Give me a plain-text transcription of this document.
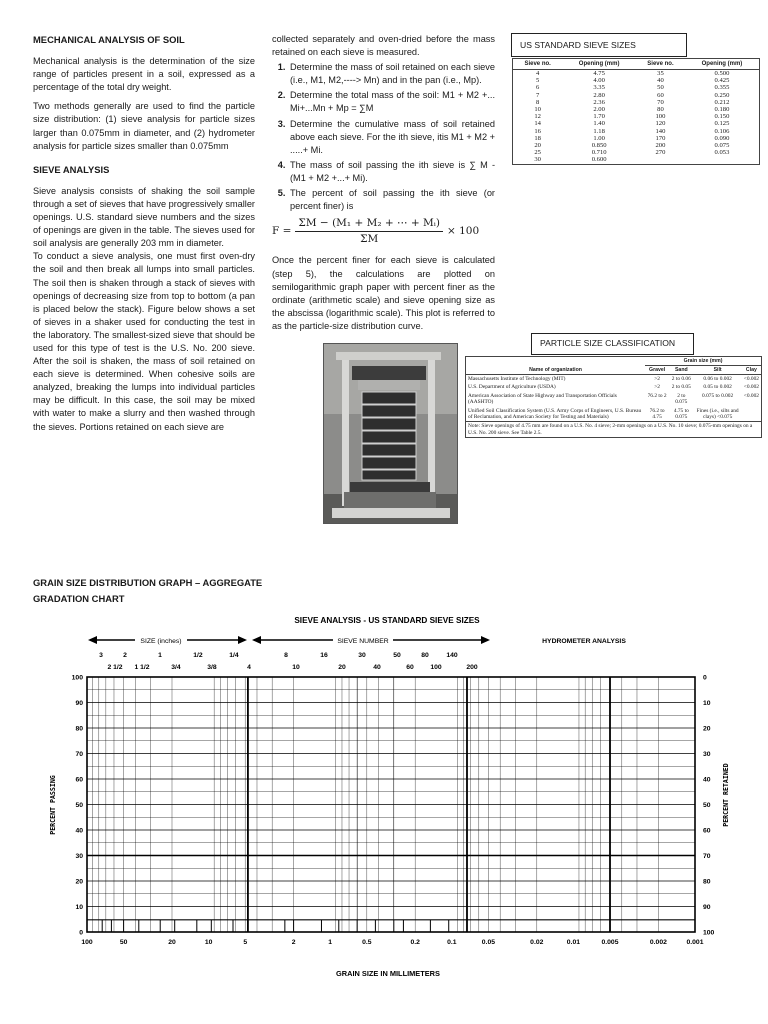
MECHANICAL ANALYSIS OF SOIL

Mechanical analysis is the determination of the size range of particles present in a soil, expressed as a percentage of the total dry weight.

Two methods generally are used to find the particle size distribution: (1) sieve analysis for particle sizes larger than 0.075mm in diameter, and (2) hydrometer analysis for particle sizes smaller than 0.075mm

SIEVE ANALYSIS

Sieve analysis consists of shaking the soil sample through a set of sieves that have progressively smaller openings. U.S. standard sieve numbers and the sizes of openings are given in the table. The sieves used for soil analysis are generally 203 mm in diameter.

To conduct a sieve analysis, one must first oven-dry the soil and then break all lumps into small particles. The soil then is shaken through a stack of sieves with openings of decreasing size from top to bottom (a pan is placed below the stack). Figure below shows a set of sieves in a shaker used for conducting the test in the laboratory. The smallest-sized sieve that should be used for this type of test is the U.S. No. 200 sieve. After the soil is shaken, the mass of soil retained on each sieve is determined. When cohesive soils are analyzed, breaking the lumps into individual particles may be difficult. In this case, the soil may be mixed with water to make a slurry and then washed through the sieves. Portions retained on each sieve are

collected separately and oven-dried before the mass retained on each sieve is measured.

1. Determine the mass of soil retained on each sieve (i.e., M1, M2,----> Mn) and in the pan (i.e., Mp).
2. Determine the total mass of the soil: M1 + M2 +... Mi+...Mn + Mp = ∑M
3. Determine the cumulative mass of soil retained above each sieve. For the ith sieve, itis M1 + M2 + .....+ Mi.
4. The mass of soil passing the ith sieve is ∑ M - (M1 + M2 +...+ Mi).
5. The percent of soil passing the ith sieve (or percent finer) is
$F = \frac{\text{ΣM − (M₁ + M₂ + ⋯ + Mᵢ)}}{\Sigma M} \times 100$

Once the percent finer for each sieve is calculated (step 5), the calculations are plotted on semilogarithmic graph paper with percent finer as the ordinate (arithmetic scale) and sieve opening size as the abscissa (logarithmic scale). This plot is referred to as the particle-size distribution curve.

US STANDARD SIEVE SIZES
Sieve no.	Opening (mm)	Sieve no.	Opening (mm)
4	4.75	35	0.500
5	4.00	40	0.425
6	3.35	50	0.355
7	2.80	60	0.250
8	2.36	70	0.212
10	2.00	80	0.180
12	1.70	100	0.150
14	1.40	120	0.125
16	1.18	140	0.106
18	1.00	170	0.090
20	0.850	200	0.075
25	0.710	270	0.053
30	0.600		
PARTICLE SIZE CLASSIFICATION
	Grain size (mm)			
Name of organization	Gravel	Sand	Silt	Clay
Massachusetts Institute of Technology (MIT)	>2	2 to 0.06	0.06 to 0.002	<0.002
U.S. Department of Agriculture (USDA)	>2	2 to 0.05	0.05 to 0.002	<0.002
American Association of State Highway and Transportation Officials (AASHTO)	76.2 to 2	2 to 0.075	0.075 to 0.002	<0.002
Unified Soil Classification System (U.S. Army Corps of Engineers, U.S. Bureau of Reclamation, and American Society for Testing and Materials)	76.2 to 4.75	4.75 to 0.075	Fines (i.e., silts and clays) <0.075	
Note: Sieve openings of 4.75 mm are found on a U.S. No. 4 sieve; 2-mm openings on a U.S. No. 10 sieve; 0.075-mm openings on a U.S. No. 200 sieve. See Table 2.5.				
GRAIN SIZE DISTRIBUTION GRAPH – AGGREGATE GRADATION CHART
SIEVE ANALYSIS - US STANDARD SIEVE SIZES
SIZE (inches)	SIEVE NUMBER	HYDROMETER ANALYSIS
3	2	1	1/2	1/4
2 1/2 1 1/2	3/4	3/8	4
8	16	30	50	80	140
10	20	40	60 100	200
100
90
80
70
60
50
40
30
20
10
0
0
10
20
30
40
50
60
70
80
90
100
100	50	20	10	5	2	1	0.5	0.2	0.1	0.05	0.02	0.01	0.005	0.002	0.001
PERCENT PASSING	PERCENT RETAINED
GRAIN SIZE IN MILLIMETERS
